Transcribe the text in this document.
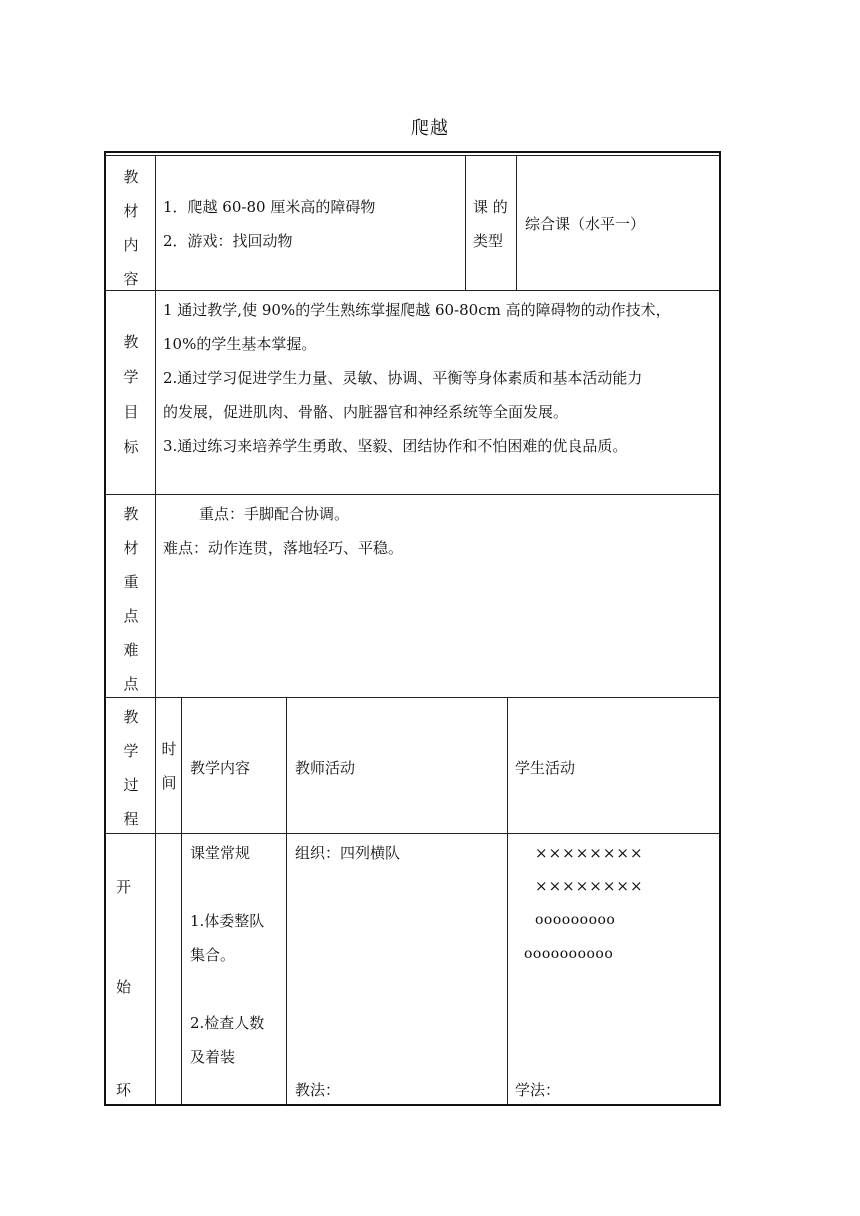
爬越
教
材
内
容
1．爬越 60-80 厘米高的障碍物
2．游戏：找回动物
课 的
类型
综合课（水平一）
教
学
目
标
1 通过教学,使 90%的学生熟练掌握爬越 60-80cm 高的障碍物的动作技术，
10%的学生基本掌握。
2.通过学习促进学生力量、灵敏、协调、平衡等身体素质和基本活动能力
的发展，促进肌肉、骨骼、内脏器官和神经系统等全面发展。
3.通过练习来培养学生勇敢、坚毅、团结协作和不怕困难的优良品质。
教
材
重
点
难
点
重点：手脚配合协调。
难点：动作连贯，落地轻巧、平稳。
教
学
过
程
时
间
教学内容	教师活动	学生活动
开
始
环
课堂常规
1.体委整队
集合。
2.检查人数
及着装
组织：四列横队
教法：
××××××××
××××××××
ooooooooo
oooooooooo
学法：
